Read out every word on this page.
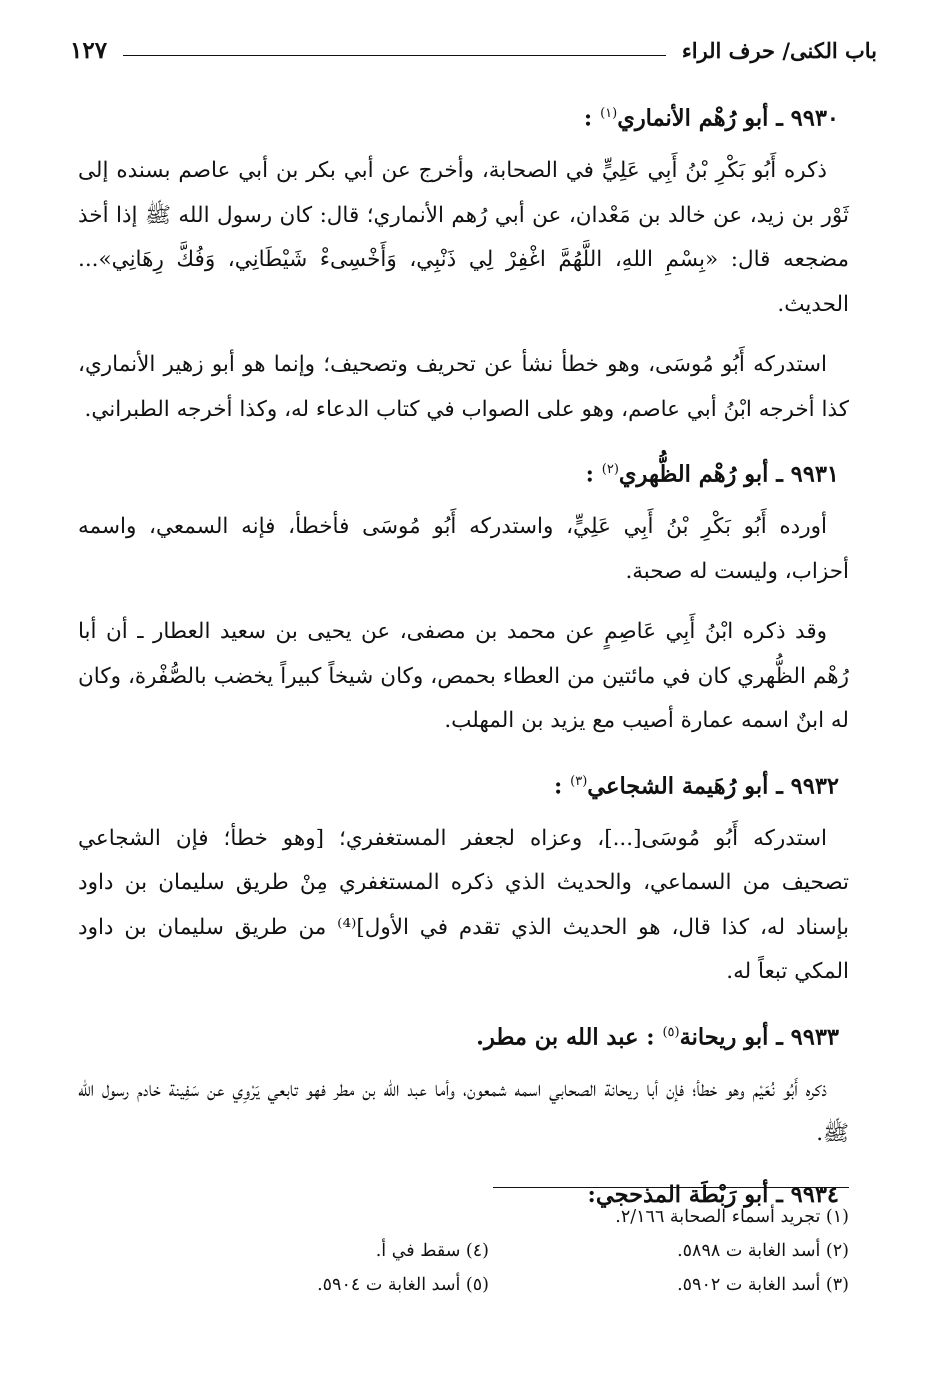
باب الكنى/ حرف الراء
١٢٧

٩٩٣٠ ـ أبو رُهْم الأنماري$^{(١)}$ :

ذكره أَبُو بَكْرِ بْنُ أَبِي عَلِيٍّ في الصحابة، وأخرج عن أبي بكر بن أبي عاصم بسنده إلى ثَوْر بن زيد، عن خالد بن مَعْدان، عن أبي رُهم الأنماري؛ قال: كان رسول الله ﷺ إذا أخذ مضجعه قال: «بِسْمِ اللهِ، اللَّهُمَّ اغْفِرْ لِي ذَنْبِي، وَأَخْسِىءْ شَيْطَانِي، وَفُكَّ رِهَانِي»... الحديث.

استدركه أَبُو مُوسَى، وهو خطأ نشأ عن تحريف وتصحيف؛ وإنما هو أبو زهير الأنماري، كذا أخرجه ابْنُ أبي عاصم، وهو على الصواب في كتاب الدعاء له، وكذا أخرجه الطبراني.

٩٩٣١ ـ أبو رُهْم الظُّهري$^{(٢)}$ :

أورده أَبُو بَكْرِ بْنُ أَبِي عَلِيٍّ، واستدركه أَبُو مُوسَى فأخطأ، فإنه السمعي، واسمه أحزاب، وليست له صحبة.

وقد ذكره ابْنُ أَبِي عَاصِمٍ عن محمد بن مصفى، عن يحيى بن سعيد العطار ـ أن أبا رُهْم الظُّهري كان في مائتين من العطاء بحمص، وكان شيخاً كبيراً يخضب بالصُّفْرة، وكان له ابنٌ اسمه عمارة أصيب مع يزيد بن المهلب.

٩٩٣٢ ـ أبو رُهَيمة الشجاعي$^{(٣)}$ :

استدركه أَبُو مُوسَى[...]، وعزاه لجعفر المستغفري؛ [وهو خطأ؛ فإن الشجاعي تصحيف من السماعي، والحديث الذي ذكره المستغفري مِنْ طريق سليمان بن داود بإسناد له، كذا قال، هو الحديث الذي تقدم في الأول]⁽⁴⁾ من طريق سليمان بن داود المكي تبعاً له.

٩٩٣٣ ـ أبو ريحانة$^{(٥)}$ : عبد الله بن مطر.

ذكره أَبُو نُعَيْم وهو خطأ؛ فإن أبا ريحانة الصحابي اسمه شمعون، وأما عبد الله بن مطر فهو تابعي يَرْوِي عن سَفِينة خادم رسول الله ﷺ.

٩٩٣٤ ـ أبو رَبْطَة المذحجي:

(١) تجريد أسماء الصحابة ٢/١٦٦.
(٢) أسد الغابة ت ٥٨٩٨.
(٤) سقط في أ.
(٣) أسد الغابة ت ٥٩٠٢.
(٥) أسد الغابة ت ٥٩٠٤.
